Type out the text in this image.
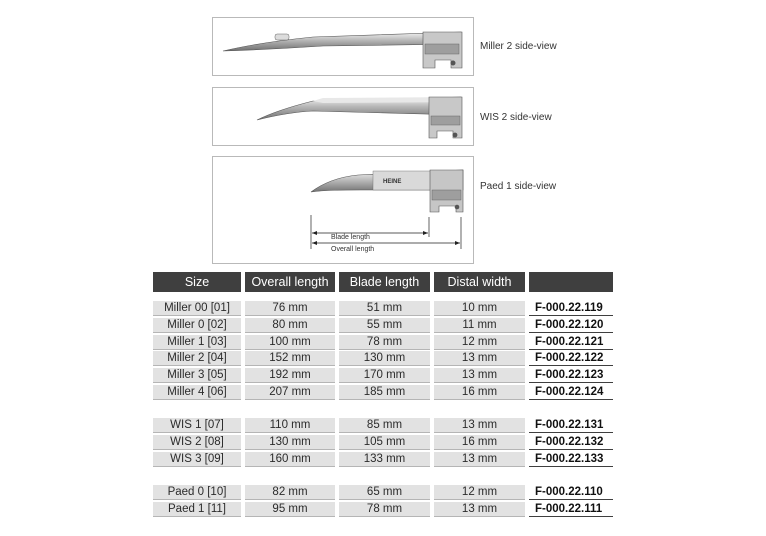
Miller 2 side-view
WIS 2 side-view
HEINE
Blade length
Overall length
Paed 1 side-view
Size	Overall length	Blade length	Distal width
Miller 00 [01]	76 mm	51 mm	10 mm	F-000.22.119
Miller 0 [02]	80 mm	55 mm	11 mm	F-000.22.120
Miller 1 [03]	100 mm	78 mm	12 mm	F-000.22.121
Miller 2 [04]	152 mm	130 mm	13 mm	F-000.22.122
Miller 3 [05]	192 mm	170 mm	13 mm	F-000.22.123
Miller 4 [06]	207 mm	185 mm	16 mm	F-000.22.124
WIS 1 [07]	110 mm	85 mm	13 mm	F-000.22.131
WIS 2 [08]	130 mm	105 mm	16 mm	F-000.22.132
WIS 3 [09]	160 mm	133 mm	13 mm	F-000.22.133
Paed 0 [10]	82 mm	65 mm	12 mm	F-000.22.110
Paed 1 [11]	95 mm	78 mm	13 mm	F-000.22.111
